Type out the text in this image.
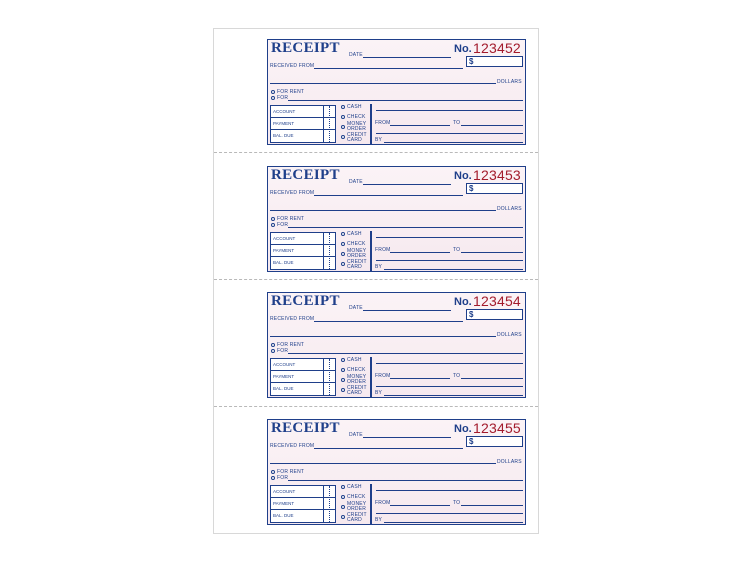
RECEIPT DATE	No. 123452
$
RECEIVED FROM
DOLLARS
FOR RENT
FOR
ACCOUNT
PAYMENT
BAL. DUE
CASH
CHECK
MONEY
ORDER
CREDIT
CARD
FROM	TO
BY
RECEIPT DATE	No. 123453
$
RECEIVED FROM
DOLLARS
FOR RENT
FOR
ACCOUNT
PAYMENT
BAL. DUE
CASH
CHECK
MONEY
ORDER
CREDIT
CARD
FROM	TO
BY
RECEIPT DATE	No. 123454
$
RECEIVED FROM
DOLLARS
FOR RENT
FOR
ACCOUNT
PAYMENT
BAL. DUE
CASH
CHECK
MONEY
ORDER
CREDIT
CARD
FROM	TO
BY
RECEIPT DATE	No. 123455
$
RECEIVED FROM
DOLLARS
FOR RENT
FOR
ACCOUNT
PAYMENT
BAL. DUE
CASH
CHECK
MONEY
ORDER
CREDIT
CARD
FROM	TO
BY
